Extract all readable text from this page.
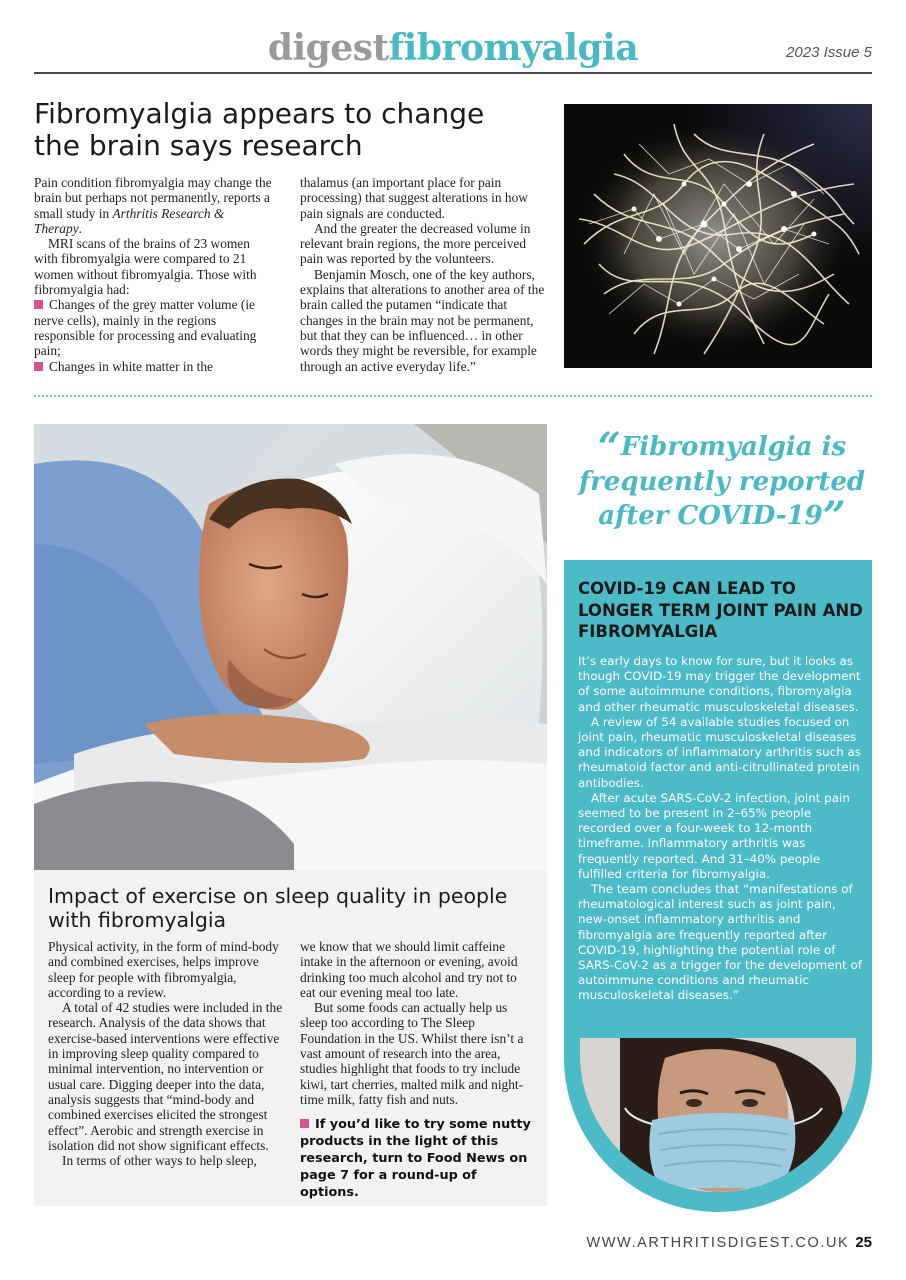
digestfibromyalgia	2023 Issue 5
Fibromyalgia appears to change the brain says research

Pain condition fibromyalgia may change the brain but perhaps not permanently, reports a small study in Arthritis Research & Therapy.

MRI scans of the brains of 23 women with fibromyalgia were compared to 21 women without fibromyalgia. Those with fibromyalgia had:

Changes of the grey matter volume (ie nerve cells), mainly in the regions responsible for processing and evaluating pain;

Changes in white matter in the

thalamus (an important place for pain processing) that suggest alterations in how pain signals are conducted.

And the greater the decreased volume in relevant brain regions, the more perceived pain was reported by the volunteers.

Benjamin Mosch, one of the key authors, explains that alterations to another area of the brain called the putamen “indicate that changes in the brain may not be permanent, but that they can be influenced… in other words they might be reversible, for example through an active everyday life.”

Impact of exercise on sleep quality in people with fibromyalgia

Physical activity, in the form of mind-body and combined exercises, helps improve sleep for people with fibromyalgia, according to a review.

A total of 42 studies were included in the research. Analysis of the data shows that exercise-based interventions were effective in improving sleep quality compared to minimal intervention, no intervention or usual care. Digging deeper into the data, analysis suggests that “mind-body and combined exercises elicited the strongest effect”. Aerobic and strength exercise in isolation did not show significant effects.

In terms of other ways to help sleep,

we know that we should limit caffeine intake in the afternoon or evening, avoid drinking too much alcohol and try not to eat our evening meal too late.

But some foods can actually help us sleep too according to The Sleep Foundation in the US. Whilst there isn’t a vast amount of research into the area, studies highlight that foods to try include kiwi, tart cherries, malted milk and night-time milk, fatty fish and nuts.

If you’d like to try some nutty products in the light of this research, turn to Food News on page 7 for a round-up of options.
“Fibromyalgia is frequently reported after COVID-19”
COVID-19 CAN LEAD TO LONGER TERM JOINT PAIN AND FIBROMYALGIA

It’s early days to know for sure, but it looks as though COVID-19 may trigger the development of some autoimmune conditions, fibromyalgia and other rheumatic musculoskeletal diseases.

A review of 54 available studies focused on joint pain, rheumatic musculoskeletal diseases and indicators of inflammatory arthritis such as rheumatoid factor and anti-citrullinated protein antibodies.

After acute SARS-CoV-2 infection, joint pain seemed to be present in 2–65% people recorded over a four-week to 12-month timeframe. Inflammatory arthritis was frequently reported. And 31–40% people fulfilled criteria for fibromyalgia.

The team concludes that “manifestations of rheumatological interest such as joint pain, new-onset inflammatory arthritis and fibromyalgia are frequently reported after COVID-19, highlighting the potential role of SARS-CoV-2 as a trigger for the development of autoimmune conditions and rheumatic musculoskeletal diseases.”

WWW.ARTHRITISDIGEST.CO.UK 25
